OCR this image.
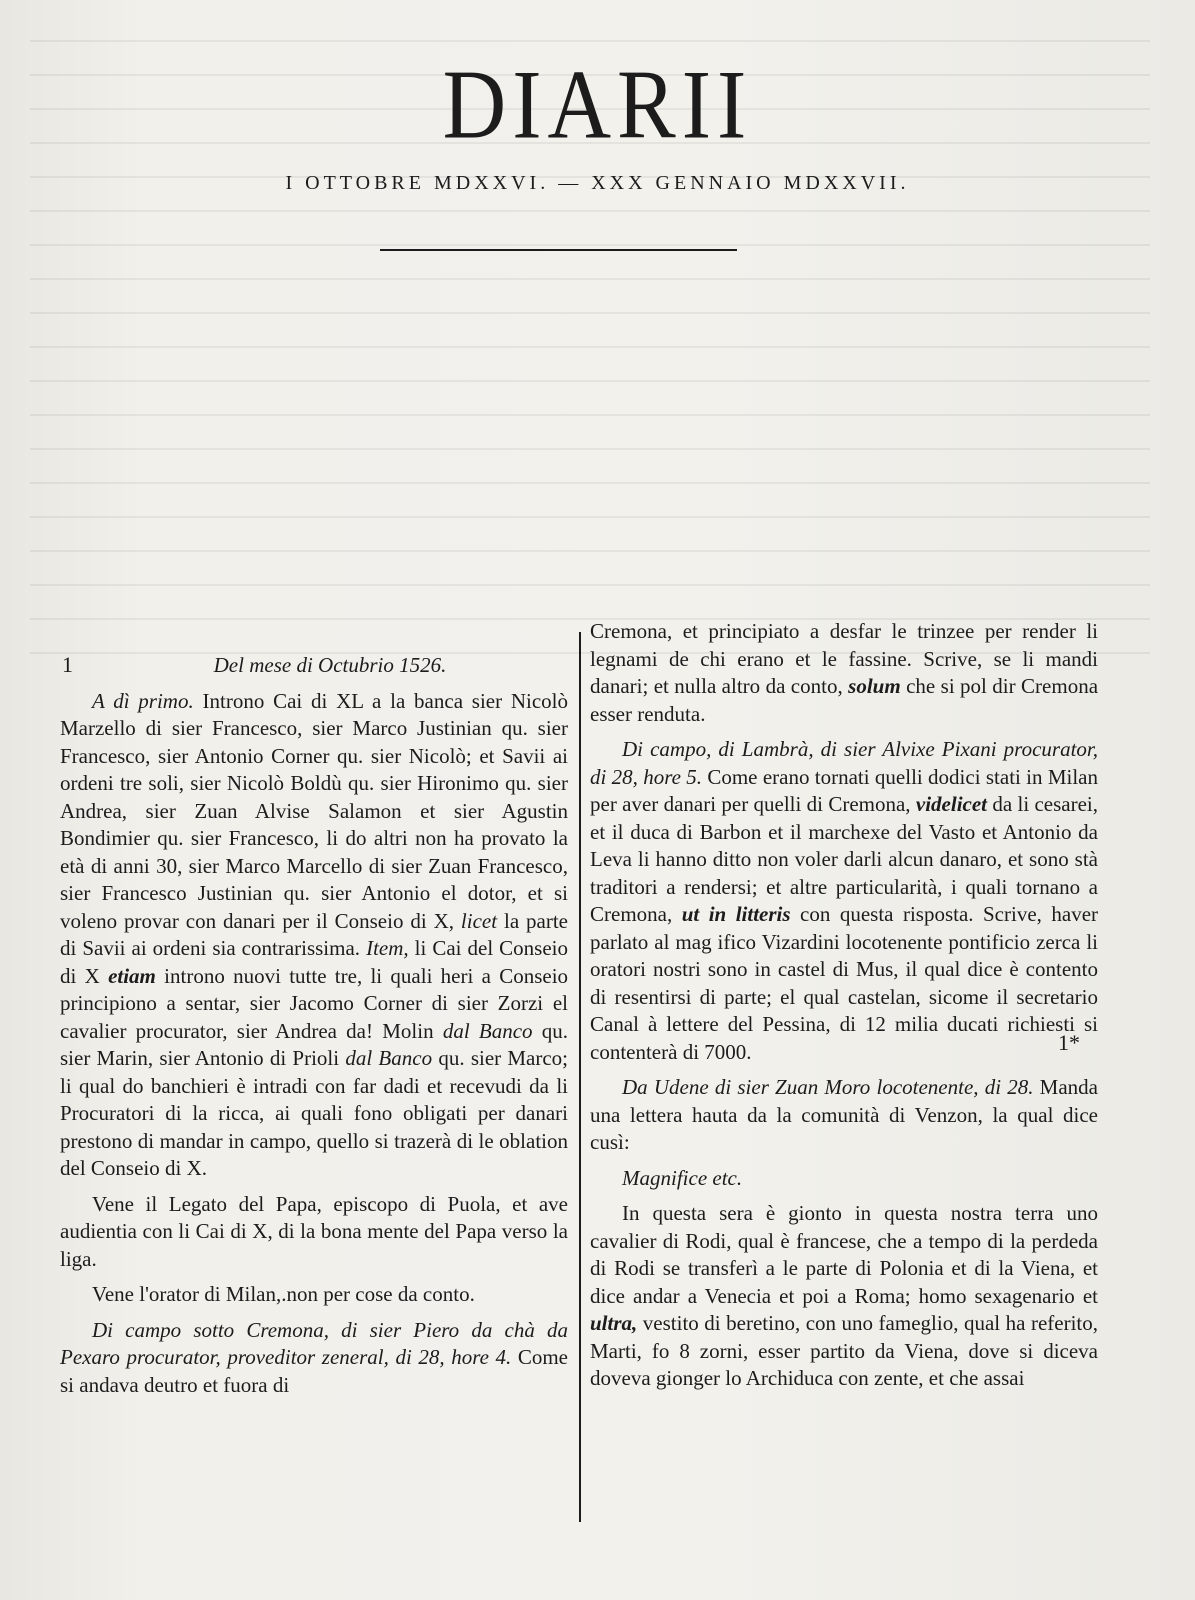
DIARII

I OTTOBRE MDXXVI. — XXX GENNAIO MDXXVII.

1
1*

Del mese di Octubrio 1526.

A dì primo. Introno Cai di XL a la banca sier Nicolò Marzello di sier Francesco, sier Marco Justinian qu. sier Francesco, sier Antonio Corner qu. sier Nicolò; et Savii ai ordeni tre soli, sier Nicolò Boldù qu. sier Hironimo qu. sier Andrea, sier Zuan Alvise Salamon et sier Agustin Bondimier qu. sier Francesco, li do altri non ha provato la età di anni 30, sier Marco Marcello di sier Zuan Francesco, sier Francesco Justinian qu. sier Antonio el dotor, et si voleno provar con danari per il Conseio di X, licet la parte di Savii ai ordeni sia contrarissima. Item, li Cai del Conseio di X etiam introno nuovi tutte tre, li quali heri a Conseio principiono a sentar, sier Jacomo Corner di sier Zorzi el cavalier procurator, sier Andrea da! Molin dal Banco qu. sier Marin, sier Antonio di Prioli dal Banco qu. sier Marco; li qual do banchieri è intradi con far dadi et recevudi da li Procuratori di la ricca, ai quali fono obligati per danari prestono di mandar in campo, quello si trazerà di le oblation del Conseio di X.

Vene il Legato del Papa, episcopo di Puola, et ave audientia con li Cai di X, di la bona mente del Papa verso la liga.

Vene l'orator di Milan,.non per cose da conto.

Di campo sotto Cremona, di sier Piero da chà da Pexaro procurator, proveditor zeneral, di 28, hore 4. Come si andava deutro et fuora di

Cremona, et principiato a desfar le trinzee per render li legnami de chi erano et le fassine. Scrive, se li mandi danari; et nulla altro da conto, solum che si pol dir Cremona esser renduta.

Di campo, di Lambrà, di sier Alvixe Pixani procurator, di 28, hore 5. Come erano tornati quelli dodici stati in Milan per aver danari per quelli di Cremona, videlicet da li cesarei, et il duca di Barbon et il marchexe del Vasto et Antonio da Leva li hanno ditto non voler darli alcun danaro, et sono stà traditori a rendersi; et altre particularità, i quali tornano a Cremona, ut in litteris con questa risposta. Scrive, haver parlato al mag ifico Vizardini locotenente pontificio zerca li oratori nostri sono in castel di Mus, il qual dice è contento di resentirsi di parte; el qual castelan, sicome il secretario Canal à lettere del Pessina, di 12 milia ducati richiesti si contenterà di 7000.

Da Udene di sier Zuan Moro locotenente, di 28. Manda una lettera hauta da la comunità di Venzon, la qual dice cusì:

Magnifice etc.

In questa sera è gionto in questa nostra terra uno cavalier di Rodi, qual è francese, che a tempo di la perdeda di Rodi se transferì a le parte di Polonia et di la Viena, et dice andar a Venecia et poi a Roma; homo sexagenario et ultra, vestito di beretino, con uno fameglio, qual ha referito, Marti, fo 8 zorni, esser partito da Viena, dove si diceva doveva gionger lo Archiduca con zente, et che assai
